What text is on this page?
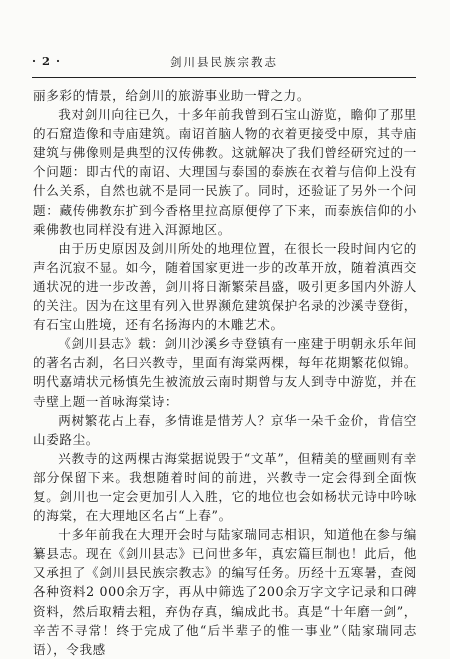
· 2 ·	剑川县民族宗教志

丽多彩的情景，给剑川的旅游事业助一臂之力。

我对剑川向往已久，十多年前我曾到石宝山游览，瞻仰了那里的石窟造像和寺庙建筑。南诏首脑人物的衣着更接受中原，其寺庙建筑与佛像则是典型的汉传佛教。这就解决了我们曾经研究过的一个问题：即古代的南诏、大理国与泰国的泰族在衣着与信仰上没有什么关系，自然也就不是同一民族了。同时，还验证了另外一个问题：藏传佛教东扩到今香格里拉高原便停了下来，而泰族信仰的小乘佛教也同样没有进入洱源地区。

由于历史原因及剑川所处的地理位置，在很长一段时间内它的声名沉寂不显。如今，随着国家更进一步的改革开放，随着滇西交通状况的进一步改善，剑川将日渐繁荣昌盛，吸引更多国内外游人的关注。因为在这里有列入世界濒危建筑保护名录的沙溪寺登街，有石宝山胜境，还有名扬海内的木雕艺术。

《剑川县志》载：剑川沙溪乡寺登镇有一座建于明朝永乐年间的著名古刹，名曰兴教寺，里面有海棠两棵，每年花期繁花似锦。明代嘉靖状元杨慎先生被流放云南时期曾与友人到寺中游览，并在寺壁上题一首咏海棠诗：

两树繁花占上春，多情谁是惜芳人？京华一朵千金价，肯信空山委路尘。

兴教寺的这两棵古海棠据说毁于“文革”，但精美的壁画则有幸部分保留下来。我想随着时间的前进，兴教寺一定会得到全面恢复。剑川也一定会更加引人入胜，它的地位也会如杨状元诗中吟咏的海棠，在大理地区名占“上春”。

十多年前我在大理开会时与陆家瑞同志相识，知道他在参与编纂县志。现在《剑川县志》已问世多年，真宏篇巨制也！此后，他又承担了《剑川县民族宗教志》的编写任务。历经十五寒暑，查阅各种资料2 000余万字，再从中筛选了200余万字文字记录和口碑资料，然后取精去粗，弃伪存真，编成此书。真是“十年磨一剑”，辛苦不寻常！终于完成了他“后半辈子的惟一事业”（陆家瑞同志语），令我感
